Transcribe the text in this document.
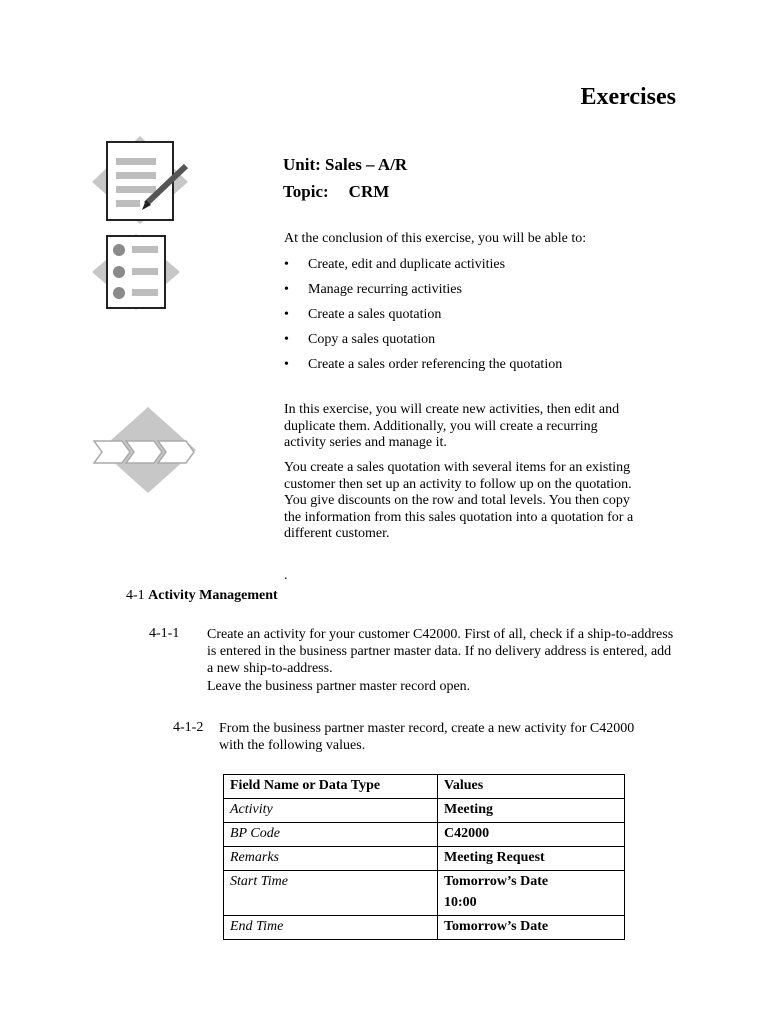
Exercises
Unit: Sales – A/R
Topic: CRM
At the conclusion of this exercise, you will be able to:
• Create, edit and duplicate activities
• Manage recurring activities
• Create a sales quotation
• Copy a sales quotation
• Create a sales order referencing the quotation
In this exercise, you will create new activities, then edit and duplicate them. Additionally, you will create a recurring activity series and manage it.
You create a sales quotation with several items for an existing customer then set up an activity to follow up on the quotation. You give discounts on the row and total levels. You then copy the information from this sales quotation into a quotation for a different customer.
.
4-1 Activity Management
4-1-1 Create an activity for your customer C42000. First of all, check if a ship-to-address is entered in the business partner master data. If no delivery address is entered, add a new ship-to-address.
Leave the business partner master record open.
4-1-2 From the business partner master record, create a new activity for C42000 with the following values.
Field Name or Data Type	Values
Activity	Meeting
BP Code	C42000
Remarks	Meeting Request
Start Time	Tomorrow’s Date
10:00

End Time	Tomorrow’s Date
